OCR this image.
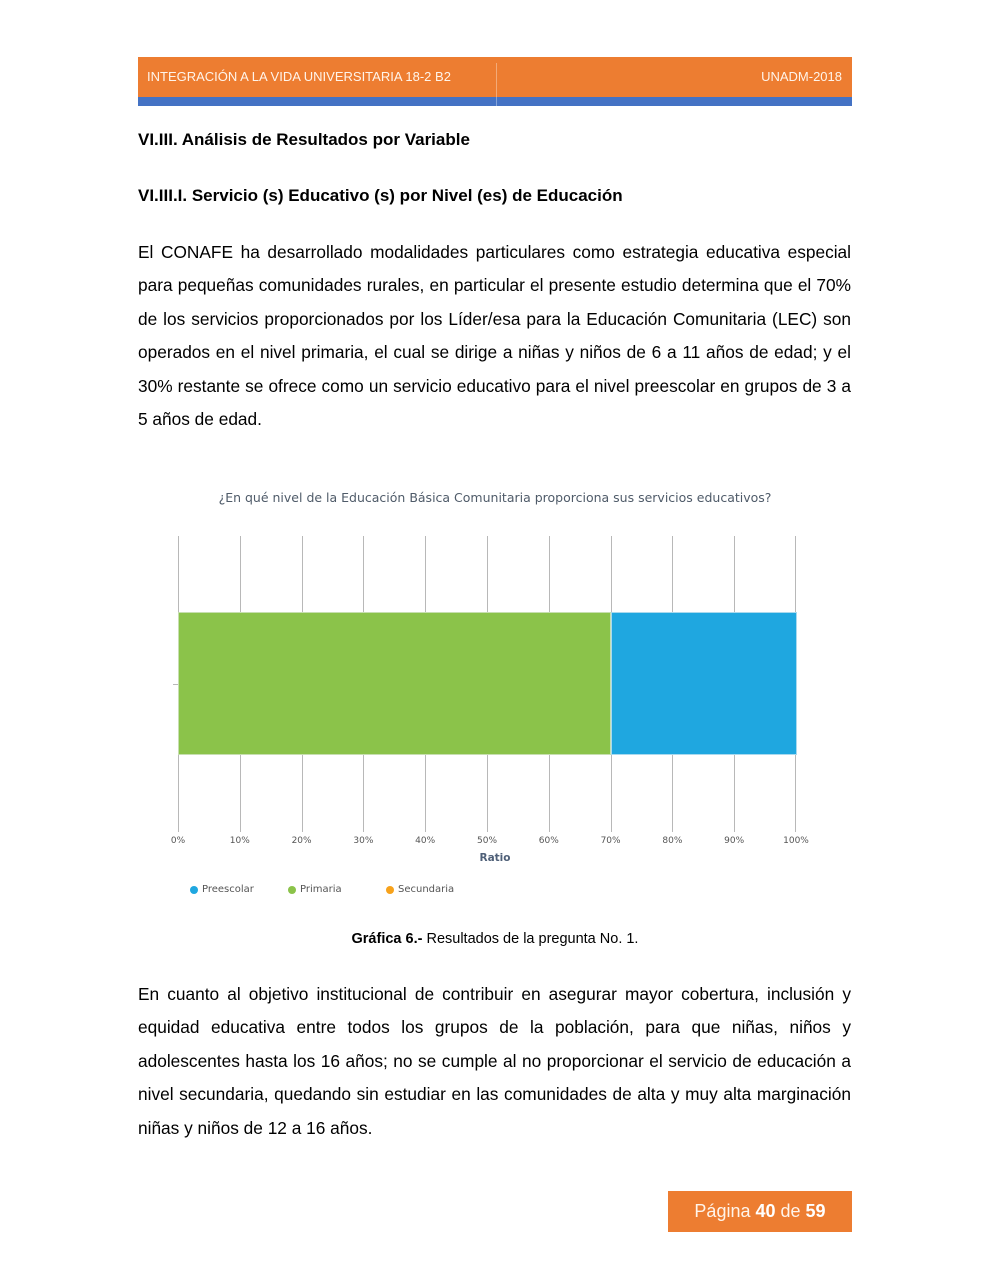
INTEGRACIÓN A LA VIDA UNIVERSITARIA 18-2 B2	UNADM-2018
VI.III. Análisis de Resultados por Variable
VI.III.I. Servicio (s) Educativo (s) por Nivel (es) de Educación

El CONAFE ha desarrollado modalidades particulares como estrategia educativa especial para pequeñas comunidades rurales, en particular el presente estudio determina que el 70% de los servicios proporcionados por los Líder/esa para la Educación Comunitaria (LEC) son operados en el nivel primaria, el cual se dirige a niñas y niños de 6 a 11 años de edad; y el 30% restante se ofrece como un servicio educativo para el nivel preescolar en grupos de 3 a 5 años de edad.

¿En qué nivel de la Educación Básica Comunitaria proporciona sus servicios educativos?
0%	10%	20%	30%	40%	50%	60%	70%	80%	90%	100%
Ratio
Preescolar	Primaria	Secundaria
Gráfica 6.- Resultados de la pregunta No. 1.

En cuanto al objetivo institucional de contribuir en asegurar mayor cobertura, inclusión y equidad educativa entre todos los grupos de la población, para que niñas, niños y adolescentes hasta los 16 años; no se cumple al no proporcionar el servicio de educación a nivel secundaria, quedando sin estudiar en las comunidades de alta y muy alta marginación niñas y niños de 12 a 16 años.

Página 40 de 59
